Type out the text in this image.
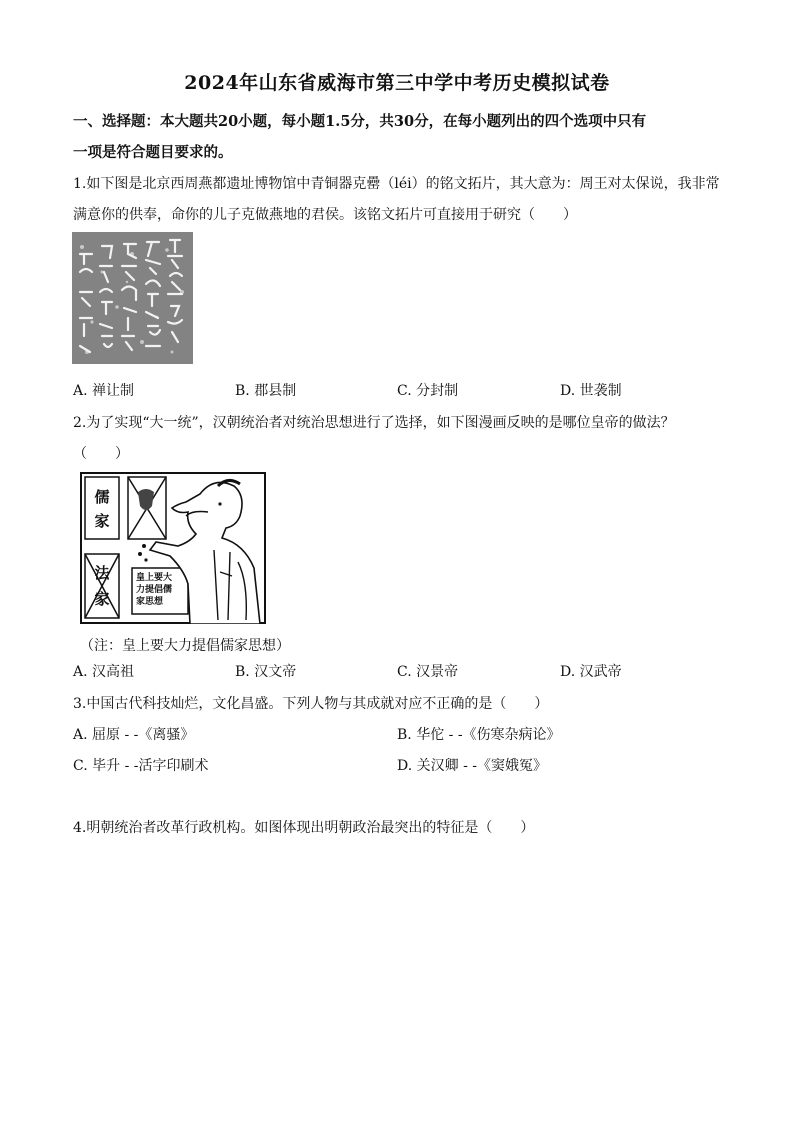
2024年山东省威海市第三中学中考历史模拟试卷
一、选择题：本大题共20小题，每小题1.5分，共30分，在每小题列出的四个选项中只有
一项是符合题目要求的。
1.如下图是北京西周燕都遗址博物馆中青铜器克罍（léi）的铭文拓片，其大意为：周王对太保说，我非常
满意你的供奉，命你的儿子克做燕地的君侯。该铭文拓片可直接用于研究（　　）
A. 禅让制	B. 郡县制	C. 分封制	D. 世袭制
2.为了实现“大一统”，汉朝统治者对统治思想进行了选择，如下图漫画反映的是哪位皇帝的做法？
（　　）
儒
家
法
家
皇上要大
力提倡儒
家思想
（注：皇上要大力提倡儒家思想）
A. 汉高祖	B. 汉文帝	C. 汉景帝	D. 汉武帝
3.中国古代科技灿烂，文化昌盛。下列人物与其成就对应不正确的是（　　）
A. 屈原 - -《离骚》	B. 华佗 - -《伤寒杂病论》
C. 毕升 - -活字印刷术	D. 关汉卿 - -《窦娥冤》
4.明朝统治者改革行政机构。如图体现出明朝政治最突出的特征是（　　）
